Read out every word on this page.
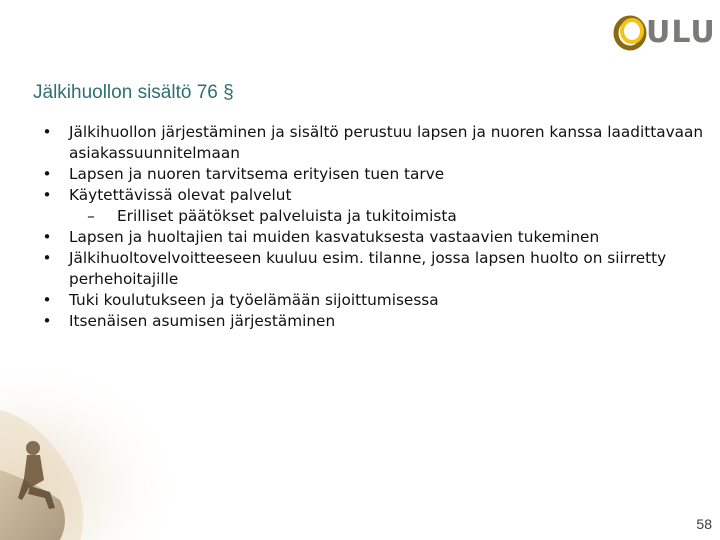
ULU
Jälkihuollon sisältö 76 §
• Jälkihuollon järjestäminen ja sisältö perustuu lapsen ja nuoren kanssa laadittavaan asiakassuunnitelmaan
• Lapsen ja nuoren tarvitsema erityisen tuen tarve
• Käytettävissä olevat palvelut
–	Erilliset päätökset palveluista ja tukitoimista
• Lapsen ja huoltajien tai muiden kasvatuksesta vastaavien tukeminen
• Jälkihuoltovelvoitteeseen kuuluu esim. tilanne, jossa lapsen huolto on siirretty perhehoitajille
• Tuki koulutukseen ja työelämään sijoittumisessa
• Itsenäisen asumisen järjestäminen
58
